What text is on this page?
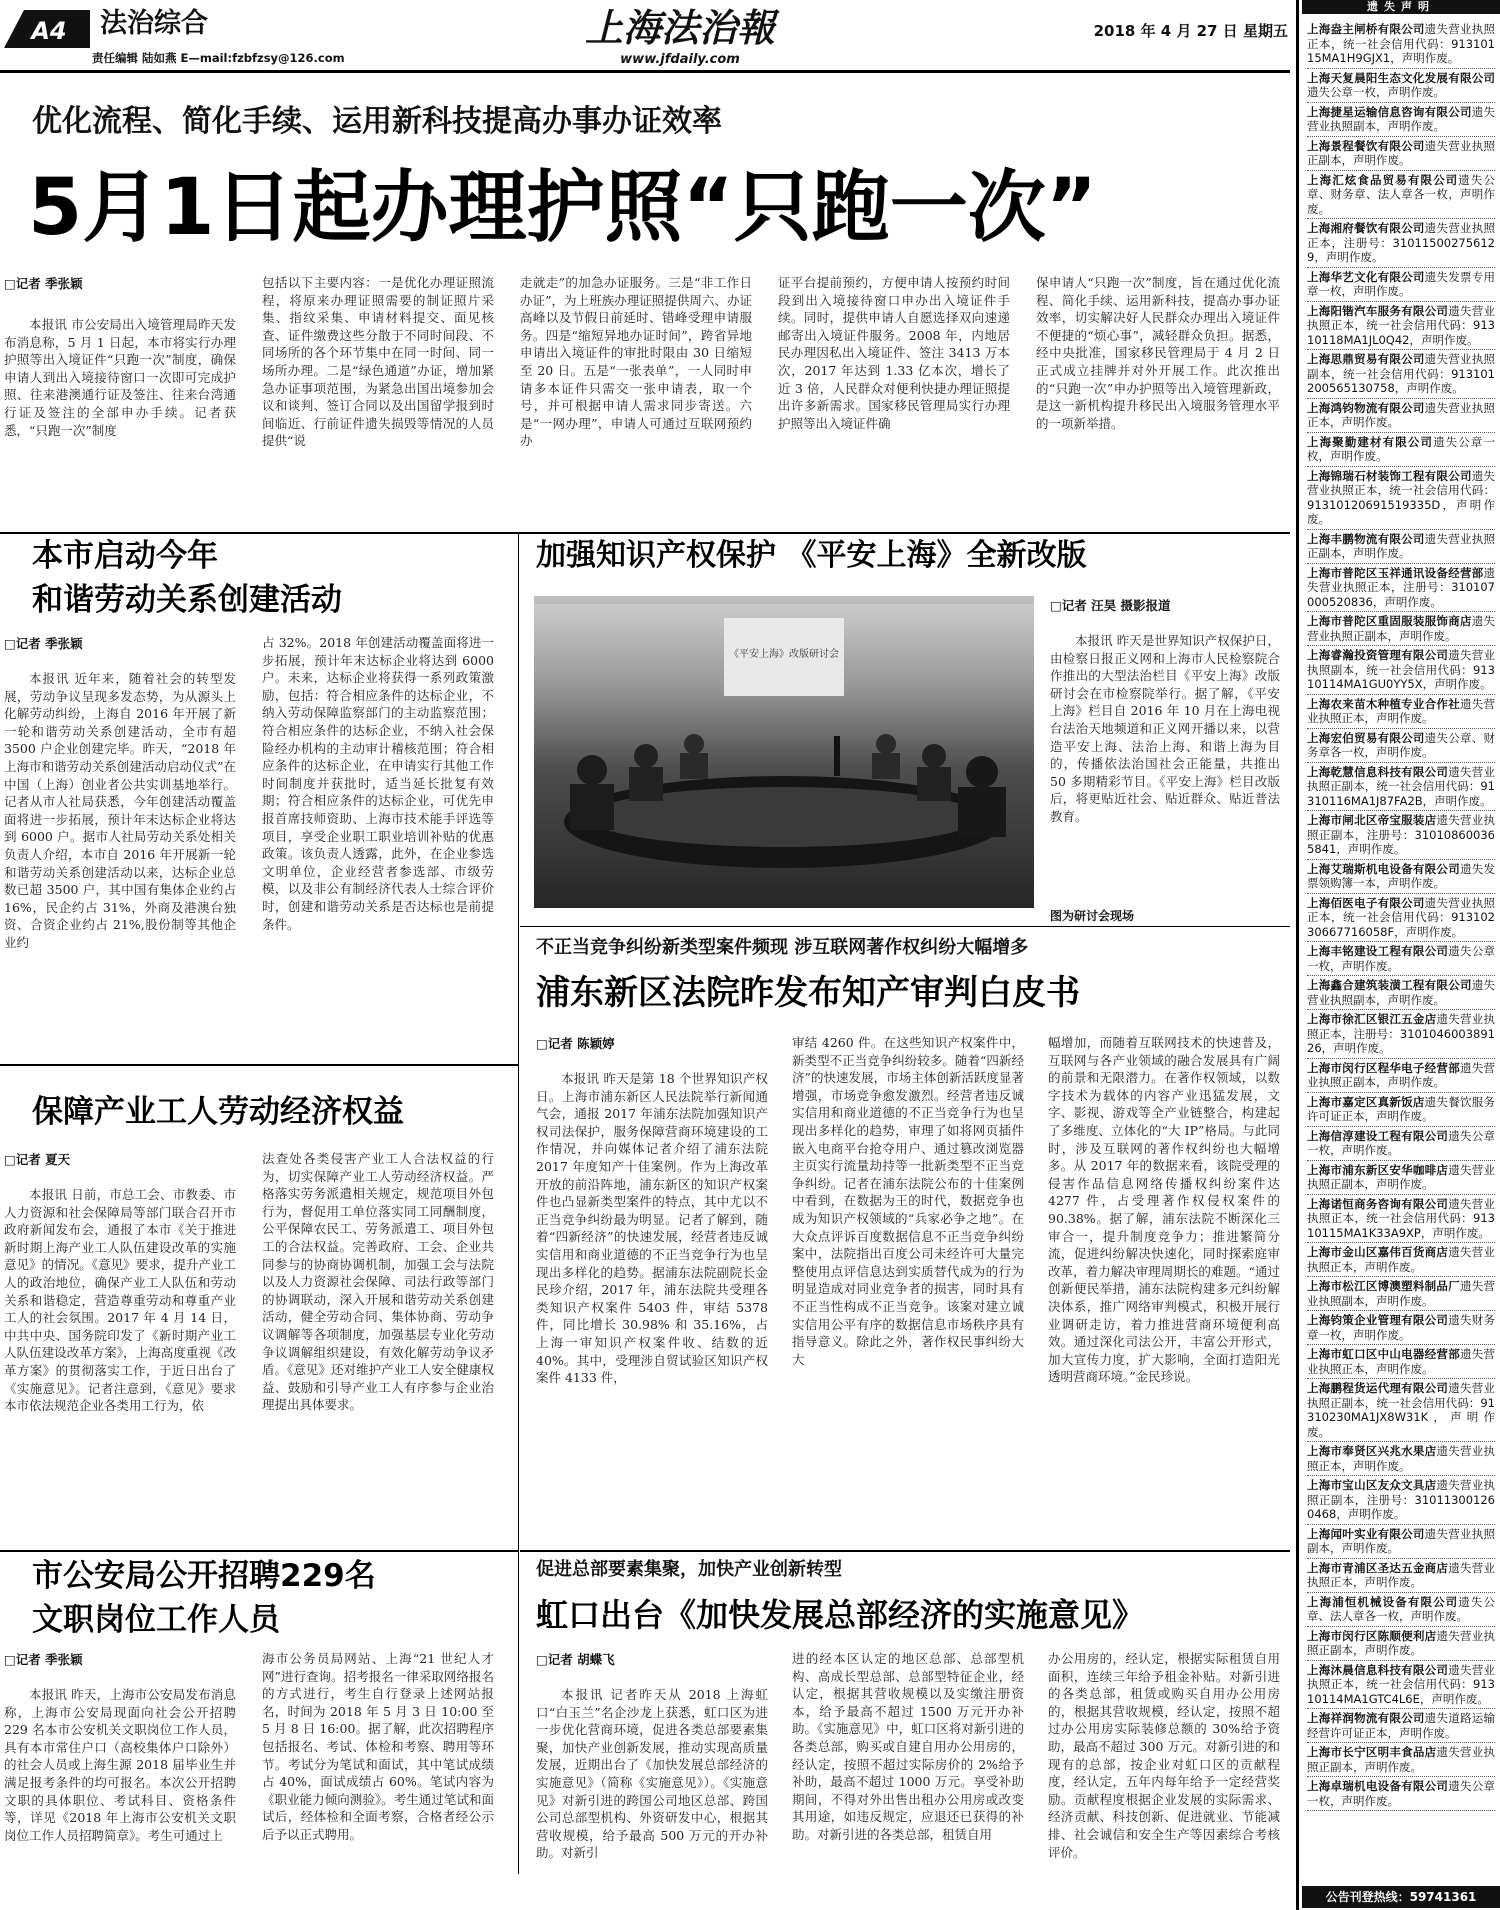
A4	法治综合
责任编辑 陆如燕 E—mail:fzbfzsy@126.com
上海法治報
www.jfdaily.com
2018 年 4 月 27 日 星期五
优化流程、简化手续、运用新科技提高办事办证效率
5月1日起办理护照“只跑一次”
□记者 季张颖

本报讯 市公安局出入境管理局昨天发布消息称，5 月 1 日起，本市将实行办理护照等出入境证件“只跑一次”制度，确保申请人到出入境接待窗口一次即可完成护照、往来港澳通行证及签注、往来台湾通行证及签注的全部申办手续。记者获悉，“只跑一次”制度

包括以下主要内容：一是优化办理证照流程，将原来办理证照需要的制证照片采集、指纹采集、申请材料提交、面见核查、证件缴费这些分散于不同时间段、不同场所的各个环节集中在同一时间、同一场所办理。二是“绿色通道”办证，增加紧急办证事项范围，为紧急出国出境参加会议和谈判、签订合同以及出国留学报到时间临近、行前证件遗失损毁等情况的人员提供“说

走就走”的加急办证服务。三是“非工作日办证”，为上班族办理证照提供周六、办证高峰以及节假日前延时、错峰受理申请服务。四是“缩短异地办证时间”，跨省异地申请出入境证件的审批时限由 30 日缩短至 20 日。五是“一张表单”，一人同时申请多本证件只需交一张申请表，取一个号，并可根据申请人需求同步寄送。六是“一网办理”，申请人可通过互联网预约办

证平台提前预约，方便申请人按预约时间段到出入境接待窗口申办出入境证件手续。同时，提供申请人自愿选择双向速递邮寄出入境证件服务。2008 年，内地居民办理因私出入境证件、签注 3413 万本次，2017 年达到 1.33 亿本次，增长了近 3 倍，人民群众对便利快捷办理证照提出许多新需求。国家移民管理局实行办理护照等出入境证件确

保申请人“只跑一次”制度，旨在通过优化流程、简化手续、运用新科技，提高办事办证效率，切实解决好人民群众办理出入境证件不便捷的“烦心事”，减轻群众负担。据悉，经中央批准，国家移民管理局于 4 月 2 日正式成立挂牌并对外开展工作。此次推出的“只跑一次”申办护照等出入境管理新政，是这一新机构提升移民出入境服务管理水平的一项新举措。

本市启动今年
和谐劳动关系创建活动
□记者 季张颖

本报讯 近年来，随着社会的转型发展，劳动争议呈现多发态势，为从源头上化解劳动纠纷，上海自 2016 年开展了新一轮和谐劳动关系创建活动，全市有超 3500 户企业创建完毕。昨天，“2018 年上海市和谐劳动关系创建活动启动仪式”在中国（上海）创业者公共实训基地举行。记者从市人社局获悉，今年创建活动覆盖面将进一步拓展，预计年末达标企业将达到 6000 户。据市人社局劳动关系处相关负责人介绍，本市自 2016 年开展新一轮和谐劳动关系创建活动以来，达标企业总数已超 3500 户，其中国有集体企业约占 16%，民企约占 31%，外商及港澳台独资、合资企业约占 21%,股份制等其他企业约

占 32%。2018 年创建活动覆盖面将进一步拓展，预计年末达标企业将达到 6000 户。未来，达标企业将获得一系列政策激励，包括：符合相应条件的达标企业，不纳入劳动保障监察部门的主动监察范围；符合相应条件的达标企业，不纳入社会保险经办机构的主动审计稽核范围；符合相应条件的达标企业，在申请实行其他工作时间制度并获批时，适当延长批复有效期；符合相应条件的达标企业，可优先申报首席技师资助、上海市技术能手评选等项目，享受企业职工职业培训补贴的优惠政策。该负责人透露，此外，在企业参选文明单位，企业经营者参选部、市级劳模，以及非公有制经济代表人士综合评价时，创建和谐劳动关系是否达标也是前提条件。

加强知识产权保护 《平安上海》全新改版
《平安上海》改版研讨会
□记者 汪昊 摄影报道

本报讯 昨天是世界知识产权保护日，由检察日报正义网和上海市人民检察院合作推出的大型法治栏目《平安上海》改版研讨会在市检察院举行。据了解，《平安上海》栏目自 2016 年 10 月在上海电视台法治天地频道和正义网开播以来，以营造平安上海、法治上海、和谐上海为目的，传播依法治国社会正能量，共推出 50 多期精彩节目。《平安上海》栏目改版后，将更贴近社会、贴近群众、贴近普法教育。

图为研讨会现场
不正当竞争纠纷新类型案件频现 涉互联网著作权纠纷大幅增多
浦东新区法院昨发布知产审判白皮书
□记者 陈颖婷

本报讯 昨天是第 18 个世界知识产权日。上海市浦东新区人民法院举行新闻通气会，通报 2017 年浦东法院加强知识产权司法保护，服务保障营商环境建设的工作情况，并向媒体记者介绍了浦东法院 2017 年度知产十佳案例。作为上海改革开放的前沿阵地，浦东新区的知识产权案件也凸显新类型案件的特点，其中尤以不正当竞争纠纷最为明显。记者了解到，随着“四新经济”的快速发展，经营者违反诚实信用和商业道德的不正当竞争行为也呈现出多样化的趋势。据浦东法院副院长金民珍介绍，2017 年，浦东法院共受理各类知识产权案件 5403 件，审结 5378 件，同比增长 30.98% 和 35.16%，占上海一审知识产权案件收、结数的近 40%。其中，受理涉自贸试验区知识产权案件 4133 件，

审结 4260 件。在这些知识产权案件中，新类型不正当竞争纠纷较多。随着“四新经济”的快速发展，市场主体创新活跃度显著增强，市场竞争愈发激烈。经营者违反诚实信用和商业道德的不正当竞争行为也呈现出多样化的趋势，审理了如将网页插件嵌入电商平台抢夺用户、通过篡改浏览器主页实行流量劫持等一批新类型不正当竞争纠纷。记者在浦东法院公布的十佳案例中看到，在数据为王的时代，数据竞争也成为知识产权领域的“兵家必争之地”。在大众点评诉百度数据信息不正当竞争纠纷案中，法院指出百度公司未经许可大量完整使用点评信息达到实质替代成为的行为明显造成对同业竞争者的损害，同时具有不正当性构成不正当竞争。该案对建立诚实信用公平有序的数据信息市场秩序具有指导意义。除此之外，著作权民事纠纷大大

幅增加，而随着互联网技术的快速普及，互联网与各产业领域的融合发展具有广阔的前景和无限潜力。在著作权领域，以数字技术为载体的内容产业迅猛发展，文字、影视、游戏等全产业链整合，构建起了多维度、立体化的“大 IP”格局。与此同时，涉及互联网的著作权纠纷也大幅增多。从 2017 年的数据来看，该院受理的侵害作品信息网络传播权纠纷案件达 4277 件，占受理著作权侵权案件的 90.38%。据了解，浦东法院不断深化三审合一，提升制度竞争力；推进繁简分流，促进纠纷解决快速化，同时探索庭审改革，着力解决审理周期长的难题。“通过创新便民举措，浦东法院构建多元纠纷解决体系，推广网络审判模式，积极开展行业调研走访，着力推进营商环境便利高效。通过深化司法公开，丰富公开形式，加大宣传力度，扩大影响，全面打造阳光透明营商环境。”金民珍说。

保障产业工人劳动经济权益
□记者 夏天

本报讯 日前，市总工会、市教委、市人力资源和社会保障局等部门联合召开市政府新闻发布会，通报了本市《关于推进新时期上海产业工人队伍建设改革的实施意见》的情况。《意见》要求，提升产业工人的政治地位，确保产业工人队伍和劳动关系和谐稳定，营造尊重劳动和尊重产业工人的社会氛围。2017 年 4 月 14 日，中共中央、国务院印发了《新时期产业工人队伍建设改革方案》，上海高度重视《改革方案》的贯彻落实工作，于近日出台了《实施意见》。记者注意到，《意见》要求本市依法规范企业各类用工行为，依

法查处各类侵害产业工人合法权益的行为，切实保障产业工人劳动经济权益。严格落实劳务派遣相关规定，规范项目外包行为，督促用工单位落实同工同酬制度，公平保障农民工、劳务派遣工、项目外包工的合法权益。完善政府、工会、企业共同参与的协商协调机制，加强工会与法院以及人力资源社会保障、司法行政等部门的协调联动，深入开展和谐劳动关系创建活动，健全劳动合同、集体协商、劳动争议调解等各项制度，加强基层专业化劳动争议调解组织建设，有效化解劳动争议矛盾。《意见》还对维护产业工人安全健康权益、鼓励和引导产业工人有序参与企业治理提出具体要求。

市公安局公开招聘229名
文职岗位工作人员
□记者 季张颖

本报讯 昨天，上海市公安局发布消息称，上海市公安局现面向社会公开招聘 229 名本市公安机关文职岗位工作人员，具有本市常住户口（高校集体户口除外）的社会人员或上海生源 2018 届毕业生并满足报考条件的均可报名。本次公开招聘文职的具体职位、考试科目、资格条件等，详见《2018 年上海市公安机关文职岗位工作人员招聘简章》。考生可通过上

海市公务员局网站、上海“21 世纪人才网”进行查询。招考报名一律采取网络报名的方式进行，考生自行登录上述网站报名，时间为 2018 年 5 月 3 日 10:00 至 5 月 8 日 16:00。据了解，此次招聘程序包括报名、考试、体检和考察、聘用等环节。考试分为笔试和面试，其中笔试成绩占 40%，面试成绩占 60%。笔试内容为《职业能力倾向测验》。考生通过笔试和面试后，经体检和全面考察，合格者经公示后予以正式聘用。

促进总部要素集聚，加快产业创新转型
虹口出台《加快发展总部经济的实施意见》
□记者 胡蝶飞

本报讯 记者昨天从 2018 上海虹口“白玉兰”名企沙龙上获悉，虹口区为进一步优化营商环境，促进各类总部要素集聚，加快产业创新发展，推动实现高质量发展，近期出台了《加快发展总部经济的实施意见》（简称《实施意见》）。《实施意见》对新引进的跨国公司地区总部、跨国公司总部型机构、外资研发中心，根据其营收规模，给予最高 500 万元的开办补助。对新引

进的经本区认定的地区总部、总部型机构、高成长型总部、总部型特征企业，经认定，根据其营收规模以及实缴注册资本，给予最高不超过 1500 万元开办补助。《实施意见》中，虹口区将对新引进的各类总部，购买或自建自用办公用房的，经认定，按照不超过实际房价的 2%给予补助，最高不超过 1000 万元。享受补助期间，不得对外出售出租办公用房或改变其用途，如违反规定，应退还已获得的补助。对新引进的各类总部，租赁自用

办公用房的，经认定，根据实际租赁自用面积，连续三年给予租金补贴。对新引进的各类总部，租赁或购买自用办公用房的，根据其营收规模，经认定，按照不超过办公用房实际装修总额的 30%给予资助，最高不超过 300 万元。对新引进的和现有的总部，按企业对虹口区的贡献程度，经认定，五年内每年给予一定经营奖励。贡献程度根据企业发展的实际需求、经济贡献、科技创新、促进就业、节能减排、社会诚信和安全生产等因素综合考核评价。

遗失声明
上海盎主闸桥有限公司遗失营业执照正本，统一社会信用代码：91310115MA1H9GJX1，声明作废。
上海天复晨阳生态文化发展有限公司遗失公章一枚，声明作废。
上海捷星运输信息咨询有限公司遗失营业执照副本，声明作废。
上海景程餐饮有限公司遗失营业执照正副本，声明作废。
上海汇炫食品贸易有限公司遗失公章、财务章、法人章各一枚，声明作废。
上海湘府餐饮有限公司遗失营业执照正本，注册号：310115002756129，声明作废。
上海华艺文化有限公司遗失发票专用章一枚，声明作废。
上海阳锴汽车服务有限公司遗失营业执照正本，统一社会信用代码：91310118MA1JL0Q42，声明作废。
上海思鼎贸易有限公司遗失营业执照副本，统一社会信用代码：913101200565130758，声明作废。
上海鸿钧物流有限公司遗失营业执照正本，声明作废。
上海聚勤建材有限公司遗失公章一枚，声明作废。
上海锦瑞石材装饰工程有限公司遗失营业执照正本，统一社会信用代码：91310120691519335D，声明作废。
上海丰鹏物流有限公司遗失营业执照正副本，声明作废。
上海市普陀区玉祥通讯设备经营部遗失营业执照正本，注册号：310107000520836，声明作废。
上海市普陀区重固服装服饰商店遗失营业执照正副本，声明作废。
上海睿瀚投资管理有限公司遗失营业执照副本，统一社会信用代码：91310114MA1GU0YY5X，声明作废。
上海农来苗木种植专业合作社遗失营业执照正本，声明作废。
上海宏伯贸易有限公司遗失公章、财务章各一枚，声明作废。
上海乾慧信息科技有限公司遗失营业执照正副本，统一社会信用代码：91310116MA1J87FA2B，声明作废。
上海市闸北区帝宝服装店遗失营业执照正副本，注册号：310108600365841，声明作废。
上海艾瑞斯机电设备有限公司遗失发票领购簿一本，声明作废。
上海佰医电子有限公司遗失营业执照正本，统一社会信用代码：91310230667716058F，声明作废。
上海丰铭建设工程有限公司遗失公章一枚，声明作废。
上海鑫合建筑装潢工程有限公司遗失营业执照副本，声明作废。
上海市徐汇区银江五金店遗失营业执照正本，注册号：310104600389126，声明作废。
上海市闵行区程华电子经营部遗失营业执照正副本，声明作废。
上海市嘉定区真新饭店遗失餐饮服务许可证正本，声明作废。
上海信淳建设工程有限公司遗失公章一枚，声明作废。
上海市浦东新区安华咖啡店遗失营业执照正副本，声明作废。
上海诺恒商务咨询有限公司遗失营业执照正本，统一社会信用代码：91310115MA1K33A9XP，声明作废。
上海市金山区嘉伟百货商店遗失营业执照正本，声明作废。
上海市松江区博澳塑料制品厂遗失营业执照副本，声明作废。
上海钧策企业管理有限公司遗失财务章一枚，声明作废。
上海市虹口区中山电器经营部遗失营业执照正本，声明作废。
上海鹏程货运代理有限公司遗失营业执照正副本，统一社会信用代码：91310230MA1JX8W31K，声明作废。
上海市奉贤区兴兆水果店遗失营业执照正本，声明作废。
上海市宝山区友众文具店遗失营业执照正副本，注册号：310113001260468，声明作废。
上海闻叶实业有限公司遗失营业执照副本，声明作废。
上海市青浦区圣达五金商店遗失营业执照正本，声明作废。
上海浦恒机械设备有限公司遗失公章、法人章各一枚，声明作废。
上海市闵行区陈顺便利店遗失营业执照正副本，声明作废。
上海沐晨信息科技有限公司遗失营业执照正本，统一社会信用代码：91310114MA1GTC4L6E，声明作废。
上海祥润物流有限公司遗失道路运输经营许可证正本，声明作废。
上海市长宁区明丰食品店遗失营业执照正副本，声明作废。
上海卓瑞机电设备有限公司遗失公章一枚，声明作废。
公告刊登热线：59741361
